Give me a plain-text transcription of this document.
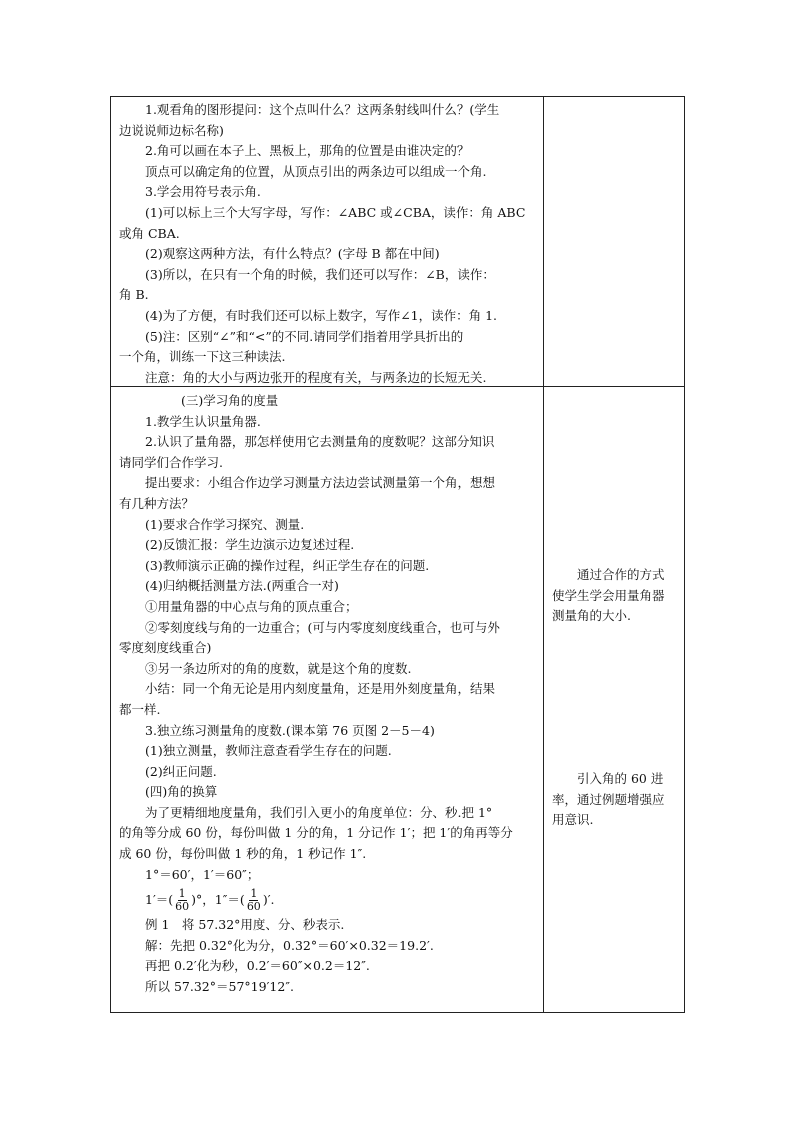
1.观看角的图形提问：这个点叫什么？这两条射线叫什么？(学生

边说说师边标名称)

2.角可以画在本子上、黑板上，那角的位置是由谁决定的？

顶点可以确定角的位置，从顶点引出的两条边可以组成一个角.

3.学会用符号表示角.

(1)可以标上三个大写字母，写作：∠ABC 或∠CBA，读作：角 ABC

或角 CBA.

(2)观察这两种方法，有什么特点？(字母 B 都在中间)

(3)所以，在只有一个角的时候，我们还可以写作：∠B，读作：

角 B.

(4)为了方便，有时我们还可以标上数字，写作∠1，读作：角 1.

(5)注：区别“∠”和“<”的不同.请同学们指着用学具折出的

一个角，训练一下这三种读法.

注意：角的大小与两边张开的程度有关，与两条边的长短无关.

(三)学习角的度量

1.教学生认识量角器.

2.认识了量角器，那怎样使用它去测量角的度数呢？这部分知识

请同学们合作学习.

提出要求：小组合作边学习测量方法边尝试测量第一个角，想想

有几种方法？

(1)要求合作学习探究、测量.

(2)反馈汇报：学生边演示边复述过程.

(3)教师演示正确的操作过程，纠正学生存在的问题.

(4)归纳概括测量方法.(两重合一对)

①用量角器的中心点与角的顶点重合；

②零刻度线与角的一边重合；(可与内零度刻度线重合，也可与外

零度刻度线重合)

③另一条边所对的角的度数，就是这个角的度数.

小结：同一个角无论是用内刻度量角，还是用外刻度量角，结果

都一样.

3.独立练习测量角的度数.(课本第 76 页图 2－5－4)

(1)独立测量，教师注意查看学生存在的问题.

(2)纠正问题.

(四)角的换算

为了更精细地度量角，我们引入更小的角度单位：分、秒.把 1°

的角等分成 60 份，每份叫做 1 分的角，1 分记作 1′；把 1′的角再等分

成 60 份，每份叫做 1 秒的角，1 秒记作 1″.

1°＝60′，1′＝60″；

$1'=( \frac{1}{60}$ )°，$1''=( \frac{1}{60}$ )′.

例 1　将 57.32°用度、分、秒表示.

解：先把 0.32°化为分，0.32°＝60′×0.32＝19.2′.

再把 0.2′化为秒，0.2′＝60″×0.2＝12″.

所以 57.32°＝57°19′12″.

　　通过合作的方式

使学生学会用量角器

测量角的大小.

　　引入角的 60 进

率，通过例题增强应

用意识.
